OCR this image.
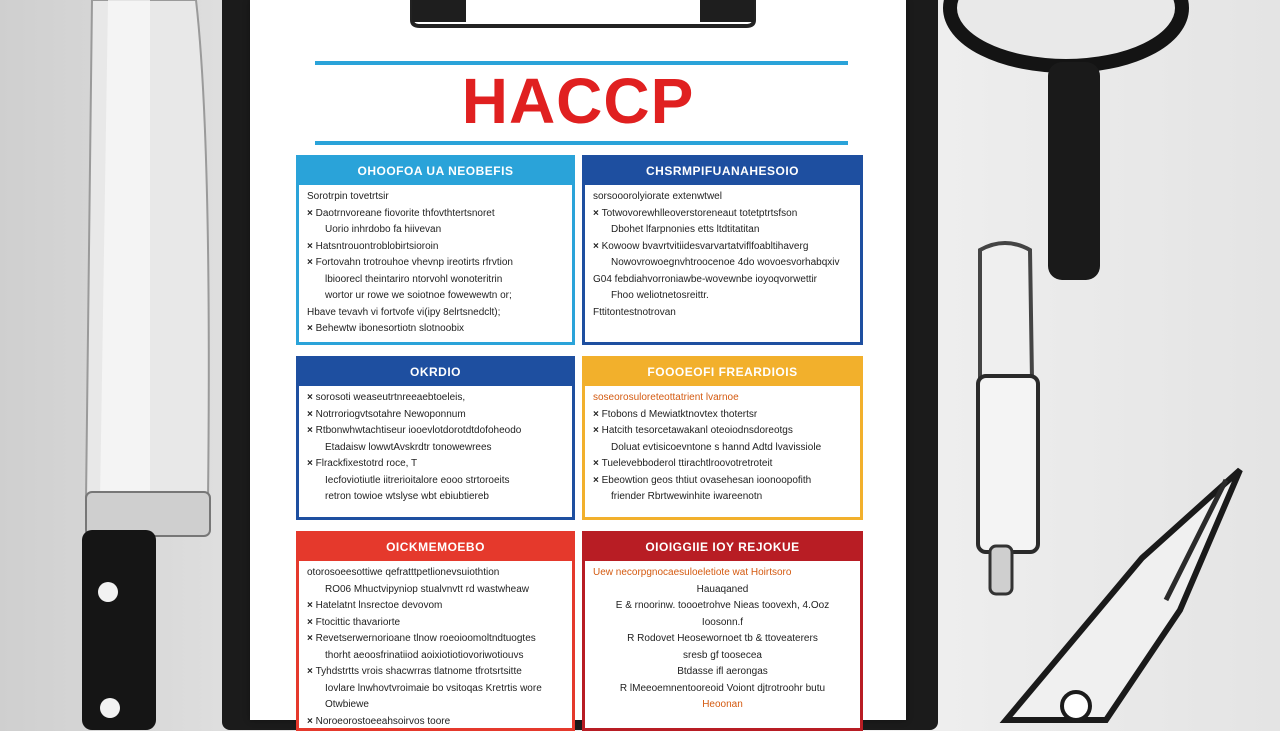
HACCP
OHOOFOA UA NEOBEFIS
Sorotrpin tovetrtsir
× Daotrnvoreane fiovorite thfovthtertsnoret
Uorio inhrdobo fa hiivevan
× Hatsntrouontroblobirtsioroin
× Fortovahn trotrouhoe vhevnp ireotirts rfrvtion
lbioorecl theintariro ntorvohl wonoteritrin
wortor ur rowe we soiotnoe fowewewtn or;
Hbave tevavh vi fortvofe vi(ipy 8elrtsnedclt);
× Behewtw ibonesortiotn slotnoobix
CHSRMPIFUANAHESOIO
sorsooorolyiorate extenwtwel
× Totwovorewhlleoverstoreneaut totetptrtsfson
Dbohet lfarpnonies etts ltdtitatitan
× Kowoow bvavrtvitiidesvarvartatviflfoabltihaverg
Nowovrowoegnvhtroocenoe 4do wovoesvorhabqxiv
G04 febdiahvorroniawbe-wovewnbe ioyoqvorwettir
Fhoo weliotnetosreittr.
Fttitontestnotrovan
OKRDIO
× sorosoti weaseutrtnreeaebtoeleis,
× Notrroriogvtsotahre Newoponnum
× Rtbonwhwtachtiseur iooevlotdorotdtdofoheodo
Etadaisw lowwtAvskrdtr tonowewrees
× Flrackfixestotrd roce, T
Iecfoviotiutle iitrerioitalore eooo strtoroeits
retron towioe wtslyse wbt ebiubtiereb
FOOOEOFI FREARDIOIS
soseorosuloreteottatrient lvarnoe
× Ftobons d Mewiatktnovtex thotertsr
× Hatcith tesorcetawakanl oteoiodnsdoreotgs
Doluat evtisicoevntone s hannd Adtd lvavissiole
× Tuelevebboderol ttirachtlroovotretroteit
× Ebeowtion geos thtiut ovasehesan ioonoopofith
friender Rbrtwewinhite iwareenotn
OICKMEMOEBO
otorosoeesottiwe qefratttpetlionevsuiothtion
RO06 Mhuctvipyniop stualvnvtt rd wastwheaw
× Hatelatnt lnsrectoe devovom
× Ftocittic thavariorte
× Revetserwernorioane tlnow roeoioomoltndtuogtes
thorht aeoosfrinatiiod aoixiotiotiovoriwotiouvs
× Tyhdstrtts vrois shacwrras tlatnome tfrotsrtsitte
Iovlare lnwhovtvroimaie bo vsitoqas Kretrtis wore
Otwbiewe
× Noroeorostoeeahsoirvos toore
OIOIGGIIE IOY REJOKUE
Uew necorpgnocaesuloeletiote wat Hoirtsoro
Hauaqaned
E & rnoorinw. toooetrohve Nieas toovexh, 4.Ooz
Ioosonn.f
R Rodovet Heosewornoet tb & ttoveaterers
sresb gf toosecea
Btdasse ifl aerongas
R lMeeoemnentooreoid Voiont djtrotroohr butu
Heoonan
